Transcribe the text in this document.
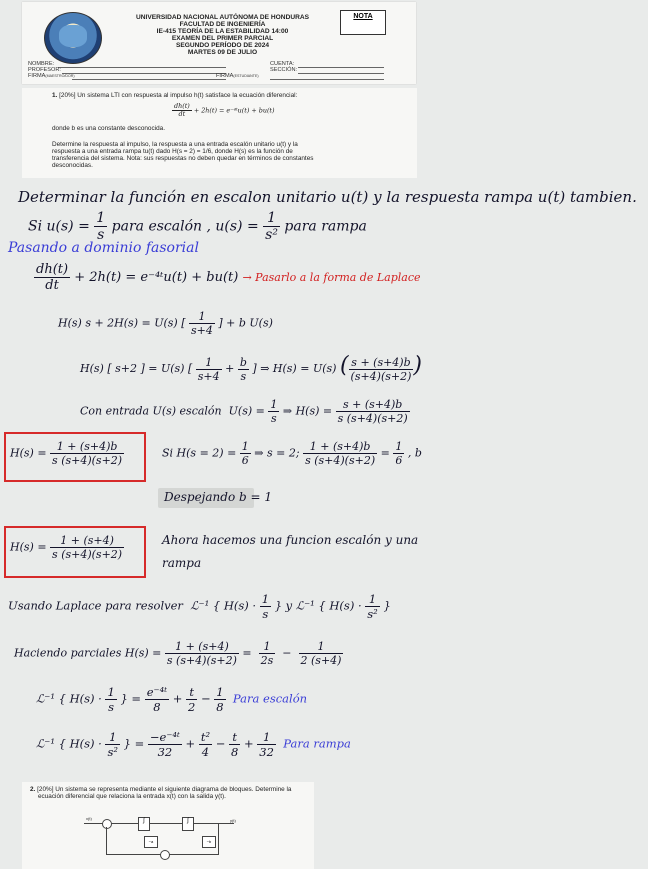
UNIVERSIDAD NACIONAL AUTÓNOMA DE HONDURAS
FACULTAD DE INGENIERÍA
IE-415 TEORÍA DE LA ESTABILIDAD 14:00
EXAMEN DEL PRIMER PARCIAL
SEGUNDO PERÍODO DE 2024
MARTES 09 DE JULIO
NOTA
NOMBRE:
PROFESOR:
FIRMA(MAESTRO/DOR)
CUENTA:
SECCIÓN:
FIRMA(ESTUDIANTE)
1. [20%] Un sistema LTI con respuesta al impulso h(t) satisface la ecuación diferencial:
$\frac{dh(t)}{dt} + 2h(t)$ = e⁻⁴ᵗu(t) + bu(t)
donde b es una constante desconocida.
Determine la respuesta al impulso, la respuesta a una entrada escalón unitario u(t) y la
respuesta a una entrada rampa tu(t) dado H(s = 2) = 1/6, donde H(s) es la función de
transferencia del sistema. Nota: sus respuestas no deben quedar en términos de constantes
desconocidas.
Determinar la función en escalon unitario u(t) y la respuesta rampa u(t) tambien.
Si $u(s) = \frac{1}{s}$ para escalón , $u(s) = \frac{1}{\text{s²}}$ para rampa
Pasando a dominio fasorial
$\frac{dh(t)}{dt} + 2h(t)$ = e⁻⁴ᵗu(t) + bu(t) → Pasarlo a la forma de Laplace
H(s) s + 2H(s) = U(s) [ $\frac{1}{s+4}$ ] + b U(s)
H(s) [ s+2 ] = U(s) [ $\frac{1}{s+4} + \frac{b}{s}$ ] ⇒ H(s) = U(s) ( $\frac{s + (s+4)b}{(s+4)(s+2)}$ )
Con entrada U(s) escalón $U(s) = \frac{1}{s}$ ⇒ $H(s) = \frac{s + (s+4)b}{s (s+4)(s+2)}$
$H(s) = \frac{1 + (s+4)b}{s (s+4)(s+2)}$	Si $H(s = 2) = \frac{1}{6}$ ⇒ s = 2; $\frac{1 + (s+4)b}{s (s+4)(s+2)} = \frac{1}{6}$ , b
Despejando b = 1
$H(s) = \frac{1 + (s+4)}{s (s+4)(s+2)}$	Ahora hacemos una funcion escalón y una
rampa
Usando Laplace para resolver ℒ⁻¹ { $H(s) \cdot \frac{1}{s}$ } y ℒ⁻¹ { $H(s) \cdot \frac{1}{\text{s²}}$ }
Haciendo parciales $H(s) = \frac{1 + (s+4)}{s (s+4)(s+2)} = \frac{1}{2s} - \frac{1}{2 (s+4)}$
ℒ⁻¹ { $H(s) \cdot \frac{1}{s}$ } = $\frac{\text{e⁻⁴ᵗ}}{8} + \frac{t}{2} - \frac{1}{8}$ Para escalón
ℒ⁻¹ { $H(s) \cdot \frac{1}{\text{s²}}$ } = $\frac{\text{−e⁻⁴ᵗ}}{32} + \frac{\text{t²}}{4} - \frac{t}{8} + \frac{1}{32}$ Para rampa
2. [20%] Un sistema se representa mediante el siguiente diagrama de bloques. Determine la
ecuación diferencial que relaciona la entrada x(t) con la salida y(t).
x(t)	∫	∫	y(t)
−a	−b
